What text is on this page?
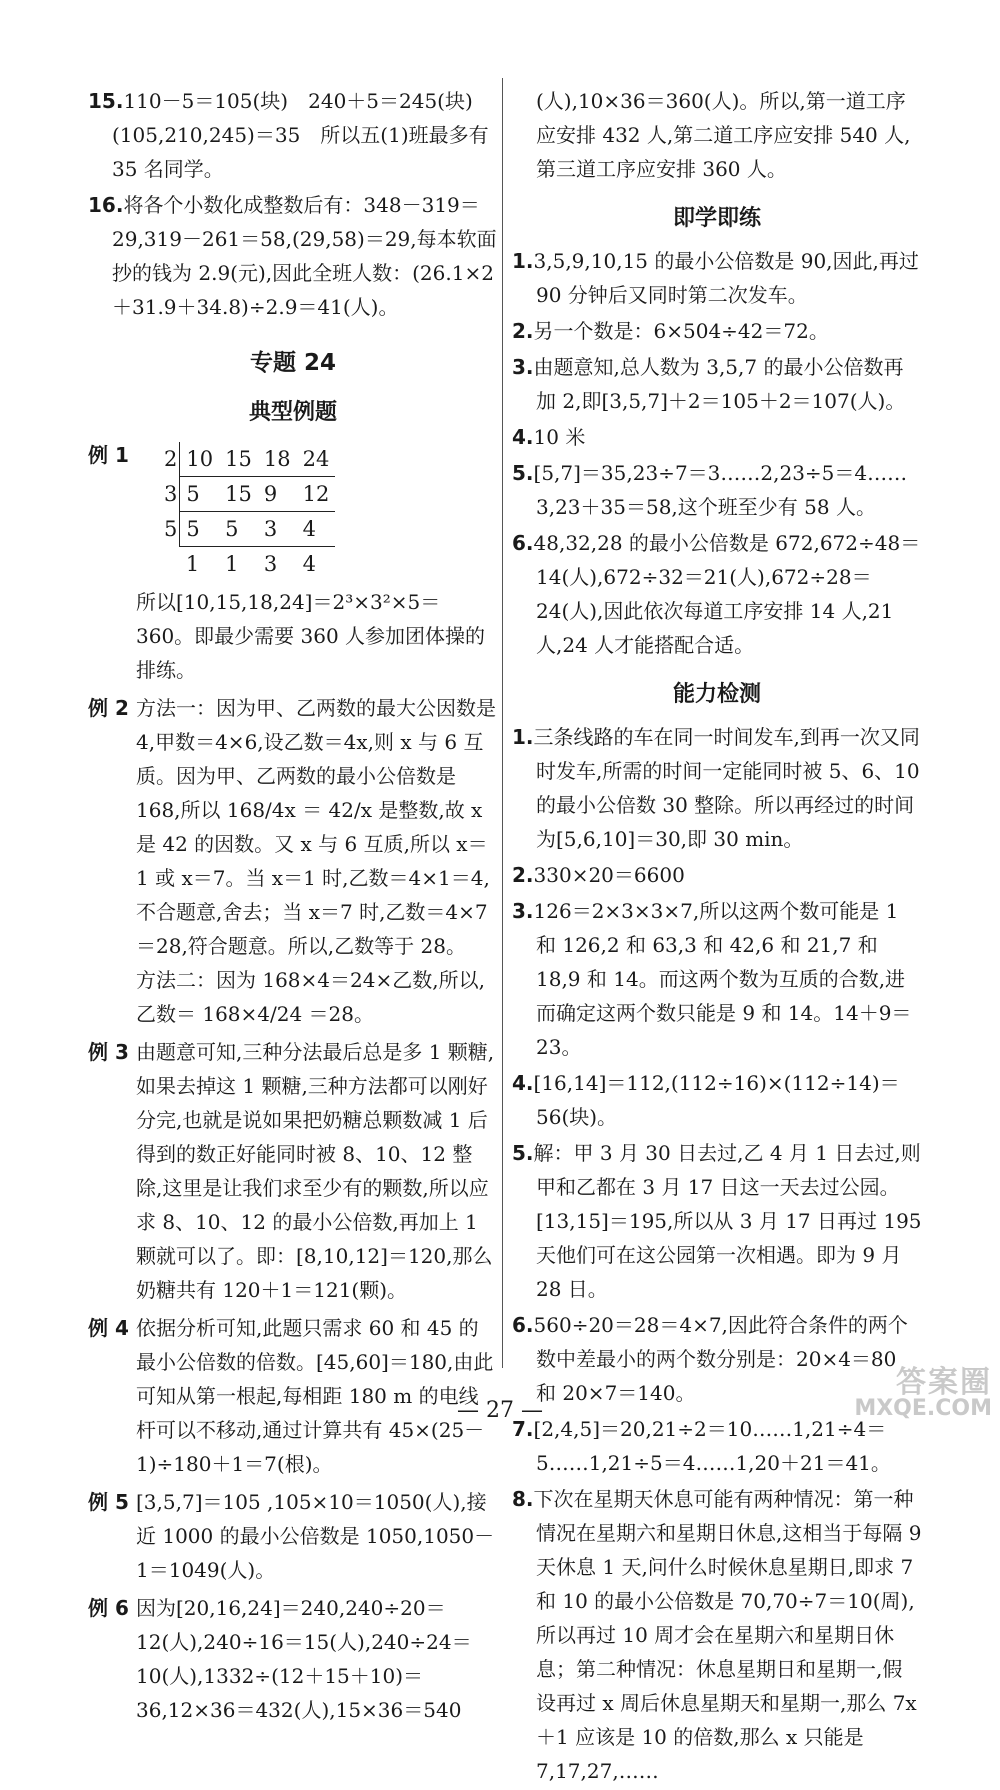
15.110－5＝105(块)　240＋5＝245(块)　(105,210,245)＝35　所以五(1)班最多有 35 名同学。

16.将各个小数化成整数后有：348－319＝29,319－261＝58,(29,58)＝29,每本软面抄的钱为 2.9(元),因此全班人数：(26.1×2＋31.9＋34.8)÷2.9＝41(人)。

专题 24
典型例题
例 1	2	10	15	18	24
3	5	15	9	12
5	5	5	3	4
	1	1	3	4

所以[10,15,18,24]＝2³×3²×5＝360。即最少需要 360 人参加团体操的排练。

例 2 方法一：因为甲、乙两数的最大公因数是 4,甲数＝4×6,设乙数＝4x,则 x 与 6 互质。因为甲、乙两数的最小公倍数是 168,所以 168/4x ＝ 42/x 是整数,故 x 是 42 的因数。又 x 与 6 互质,所以 x＝1 或 x＝7。当 x＝1 时,乙数＝4×1＝4,不合题意,舍去；当 x＝7 时,乙数＝4×7＝28,符合题意。所以,乙数等于 28。

方法二：因为 168×4＝24×乙数,所以,乙数＝ 168×4/24 ＝28。

例 3 由题意可知,三种分法最后总是多 1 颗糖,如果去掉这 1 颗糖,三种方法都可以刚好分完,也就是说如果把奶糖总颗数减 1 后得到的数正好能同时被 8、10、12 整除,这里是让我们求至少有的颗数,所以应求 8、10、12 的最小公倍数,再加上 1 颗就可以了。即：[8,10,12]＝120,那么奶糖共有 120＋1＝121(颗)。

例 4 依据分析可知,此题只需求 60 和 45 的最小公倍数的倍数。[45,60]＝180,由此可知从第一根起,每相距 180 m 的电线杆可以不移动,通过计算共有 45×(25－1)÷180＋1＝7(根)。

例 5 [3,5,7]＝105 ,105×10＝1050(人),接近 1000 的最小公倍数是 1050,1050－1＝1049(人)。

例 6 因为[20,16,24]＝240,240÷20＝12(人),240÷16＝15(人),240÷24＝10(人),1332÷(12＋15＋10)＝36,12×36＝432(人),15×36＝540

(人),10×36＝360(人)。所以,第一道工序应安排 432 人,第二道工序应安排 540 人,第三道工序应安排 360 人。

即学即练

1.3,5,9,10,15 的最小公倍数是 90,因此,再过 90 分钟后又同时第二次发车。

2.另一个数是：6×504÷42＝72。

3.由题意知,总人数为 3,5,7 的最小公倍数再加 2,即[3,5,7]＋2＝105＋2＝107(人)。

4.10 米

5.[5,7]＝35,23÷7＝3……2,23÷5＝4……3,23＋35＝58,这个班至少有 58 人。

6.48,32,28 的最小公倍数是 672,672÷48＝14(人),672÷32＝21(人),672÷28＝24(人),因此依次每道工序安排 14 人,21 人,24 人才能搭配合适。

能力检测

1.三条线路的车在同一时间发车,到再一次又同时发车,所需的时间一定能同时被 5、6、10 的最小公倍数 30 整除。所以再经过的时间为[5,6,10]＝30,即 30 min。

2.330×20＝6600

3.126＝2×3×3×7,所以这两个数可能是 1 和 126,2 和 63,3 和 42,6 和 21,7 和 18,9 和 14。而这两个数为互质的合数,进而确定这两个数只能是 9 和 14。14＋9＝23。

4.[16,14]＝112,(112÷16)×(112÷14)＝56(块)。

5.解：甲 3 月 30 日去过,乙 4 月 1 日去过,则甲和乙都在 3 月 17 日这一天去过公园。[13,15]＝195,所以从 3 月 17 日再过 195 天他们可在这公园第一次相遇。即为 9 月 28 日。

6.560÷20＝28＝4×7,因此符合条件的两个数中差最小的两个数分别是：20×4＝80 和 20×7＝140。

7.[2,4,5]＝20,21÷2＝10……1,21÷4＝5……1,21÷5＝4……1,20＋21＝41。

8.下次在星期天休息可能有两种情况：第一种情况在星期六和星期日休息,这相当于每隔 9 天休息 1 天,问什么时候休息星期日,即求 7 和 10 的最小公倍数是 70,70÷7＝10(周),所以再过 10 周才会在星期六和星期日休息；第二种情况：休息星期日和星期一,假设再过 x 周后休息星期天和星期一,那么 7x＋1 应该是 10 的倍数,那么 x 只能是 7,17,27,……

— 27 —
答案圈
MXQE.COM
